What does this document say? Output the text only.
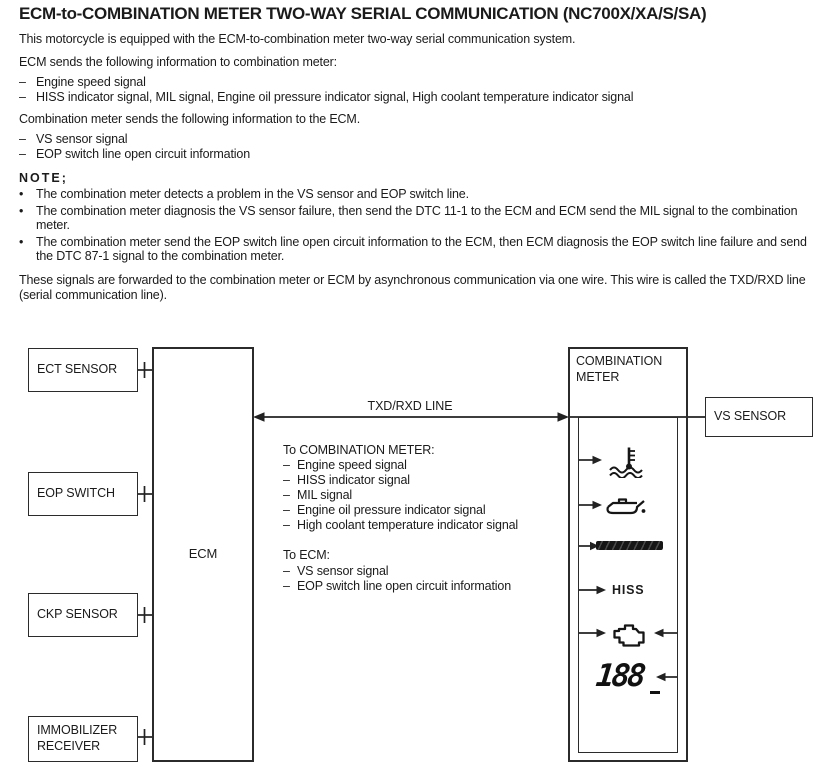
ECM-to-COMBINATION METER TWO-WAY SERIAL COMMUNICATION (NC700X/XA/S/SA)

This motorcycle is equipped with the ECM-to-combination meter two-way serial communication system.

ECM sends the following information to combination meter:

– Engine speed signal
– HISS indicator signal, MIL signal, Engine oil pressure indicator signal, High coolant temperature indicator signal

Combination meter sends the following information to the ECM.

– VS sensor signal
– EOP switch line open circuit information
NOTE;
•	The combination meter detects a problem in the VS sensor and EOP switch line.
•	The combination meter diagnosis the VS sensor failure, then send the DTC 11-1 to the ECM and ECM send the MIL signal to the combination meter.
•	The combination meter send the EOP switch line open circuit information to the ECM, then ECM diagnosis the EOP switch line failure and send the DTC 87-1 signal to the combination meter.

These signals are forwarded to the combination meter or ECM by asynchronous communication via one wire. This wire is called the TXD/RXD line (serial communication line).

ECT SENSOR
EOP SWITCH
CKP SENSOR
IMMOBILIZER RECEIVER
ECM
TXD/RXD LINE
COMBINATION METER
VS SENSOR
To COMBINATION METER:
– Engine speed signal
– HISS indicator signal
– MIL signal
– Engine oil pressure indicator signal
– High coolant temperature indicator signal
To ECM:
– VS sensor signal
– EOP switch line open circuit information	HISS
188
